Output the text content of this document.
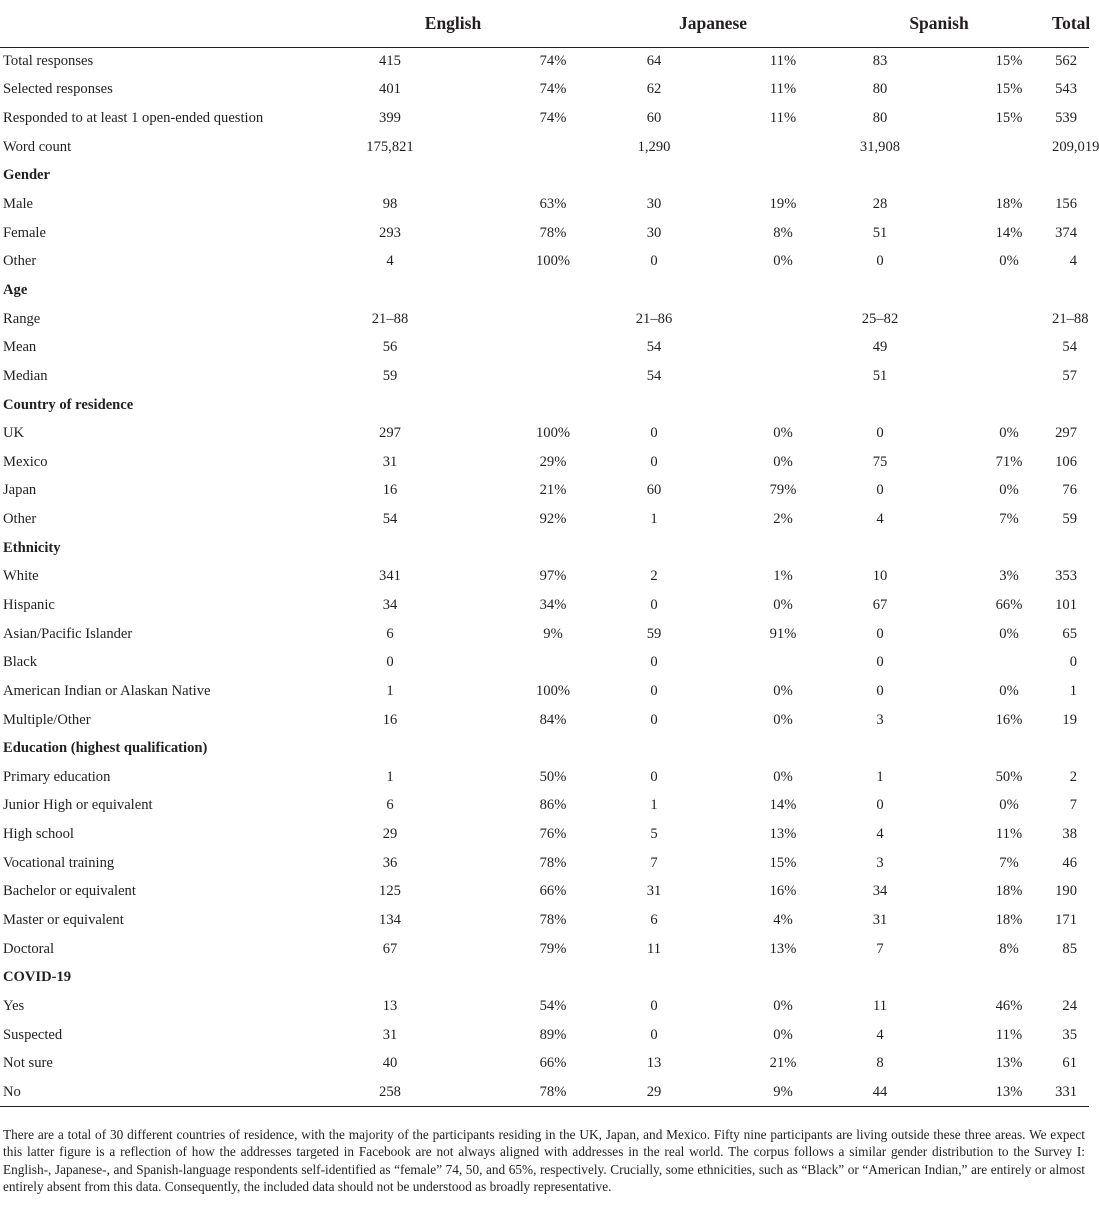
	English		Japanese		Spanish		Total
Total responses	415	74%	64	11%	83	15%	562
Selected responses	401	74%	62	11%	80	15%	543
Responded to at least 1 open-ended question	399	74%	60	11%	80	15%	539
Word count	175,821		1,290		31,908		209,019
Gender							
Male	98	63%	30	19%	28	18%	156
Female	293	78%	30	8%	51	14%	374
Other	4	100%	0	0%	0	0%	4
Age							
Range	21–88		21–86		25–82		21–88
Mean	56		54		49		54
Median	59		54		51		57
Country of residence							
UK	297	100%	0	0%	0	0%	297
Mexico	31	29%	0	0%	75	71%	106
Japan	16	21%	60	79%	0	0%	76
Other	54	92%	1	2%	4	7%	59
Ethnicity							
White	341	97%	2	1%	10	3%	353
Hispanic	34	34%	0	0%	67	66%	101
Asian/Pacific Islander	6	9%	59	91%	0	0%	65
Black	0		0		0		0
American Indian or Alaskan Native	1	100%	0	0%	0	0%	1
Multiple/Other	16	84%	0	0%	3	16%	19
Education (highest qualification)							
Primary education	1	50%	0	0%	1	50%	2
Junior High or equivalent	6	86%	1	14%	0	0%	7
High school	29	76%	5	13%	4	11%	38
Vocational training	36	78%	7	15%	3	7%	46
Bachelor or equivalent	125	66%	31	16%	34	18%	190
Master or equivalent	134	78%	6	4%	31	18%	171
Doctoral	67	79%	11	13%	7	8%	85
COVID-19							
Yes	13	54%	0	0%	11	46%	24
Suspected	31	89%	0	0%	4	11%	35
Not sure	40	66%	13	21%	8	13%	61
No	258	78%	29	9%	44	13%	331

There are a total of 30 different countries of residence, with the majority of the participants residing in the UK, Japan, and Mexico. Fifty nine participants are living outside these three areas. We expect this latter figure is a reflection of how the addresses targeted in Facebook are not always aligned with addresses in the real world. The corpus follows a similar gender distribution to the Survey I: English-, Japanese-, and Spanish-language respondents self-identified as “female” 74, 50, and 65%, respectively. Crucially, some ethnicities, such as “Black” or “American Indian,” are entirely or almost entirely absent from this data. Consequently, the included data should not be understood as broadly representative.
